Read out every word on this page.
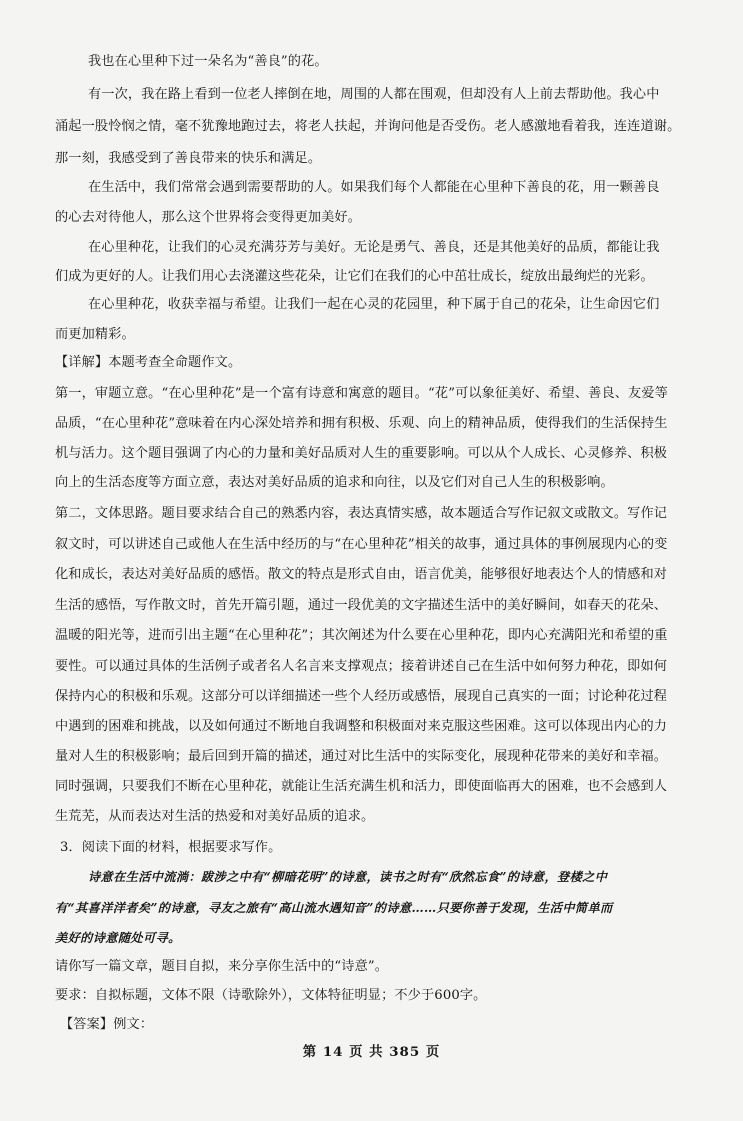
我也在心里种下过一朵名为“善良”的花。
有一次，我在路上看到一位老人摔倒在地，周围的人都在围观，但却没有人上前去帮助他。我心中
涌起一股怜悯之情，毫不犹豫地跑过去，将老人扶起，并询问他是否受伤。老人感激地看着我，连连道谢。
那一刻，我感受到了善良带来的快乐和满足。
在生活中，我们常常会遇到需要帮助的人。如果我们每个人都能在心里种下善良的花，用一颗善良
的心去对待他人，那么这个世界将会变得更加美好。
在心里种花，让我们的心灵充满芬芳与美好。无论是勇气、善良，还是其他美好的品质，都能让我
们成为更好的人。让我们用心去浇灌这些花朵，让它们在我们的心中茁壮成长，绽放出最绚烂的光彩。
在心里种花，收获幸福与希望。让我们一起在心灵的花园里，种下属于自己的花朵，让生命因它们
而更加精彩。
【详解】本题考查全命题作文。
第一，审题立意。“在心里种花”是一个富有诗意和寓意的题目。“花”可以象征美好、希望、善良、友爱等
品质，“在心里种花”意味着在内心深处培养和拥有积极、乐观、向上的精神品质，使得我们的生活保持生
机与活力。这个题目强调了内心的力量和美好品质对人生的重要影响。可以从个人成长、心灵修养、积极
向上的生活态度等方面立意，表达对美好品质的追求和向往，以及它们对自己人生的积极影响。
第二，文体思路。题目要求结合自己的熟悉内容，表达真情实感，故本题适合写作记叙文或散文。写作记
叙文时，可以讲述自己或他人在生活中经历的与“在心里种花”相关的故事，通过具体的事例展现内心的变
化和成长，表达对美好品质的感悟。散文的特点是形式自由，语言优美，能够很好地表达个人的情感和对
生活的感悟，写作散文时，首先开篇引题，通过一段优美的文字描述生活中的美好瞬间，如春天的花朵、
温暖的阳光等，进而引出主题“在心里种花”；其次阐述为什么要在心里种花，即内心充满阳光和希望的重
要性。可以通过具体的生活例子或者名人名言来支撑观点；接着讲述自己在生活中如何努力种花，即如何
保持内心的积极和乐观。这部分可以详细描述一些个人经历或感悟，展现自己真实的一面；讨论种花过程
中遇到的困难和挑战，以及如何通过不断地自我调整和积极面对来克服这些困难。这可以体现出内心的力
量对人生的积极影响；最后回到开篇的描述，通过对比生活中的实际变化，展现种花带来的美好和幸福。
同时强调，只要我们不断在心里种花，就能让生活充满生机和活力，即使面临再大的困难，也不会感到人
生荒芜，从而表达对生活的热爱和对美好品质的追求。
3．阅读下面的材料，根据要求写作。
诗意在生活中流淌：跋涉之中有“柳暗花明”的诗意，读书之时有“欣然忘食”的诗意，登楼之中
有“其喜洋洋者矣”的诗意，寻友之旅有“高山流水遇知音”的诗意……只要你善于发现，生活中简单而
美好的诗意随处可寻。
请你写一篇文章，题目自拟，来分享你生活中的“诗意”。
要求：自拟标题，文体不限（诗歌除外），文体特征明显；不少于600字。
【答案】例文：
第 14 页 共 385 页
